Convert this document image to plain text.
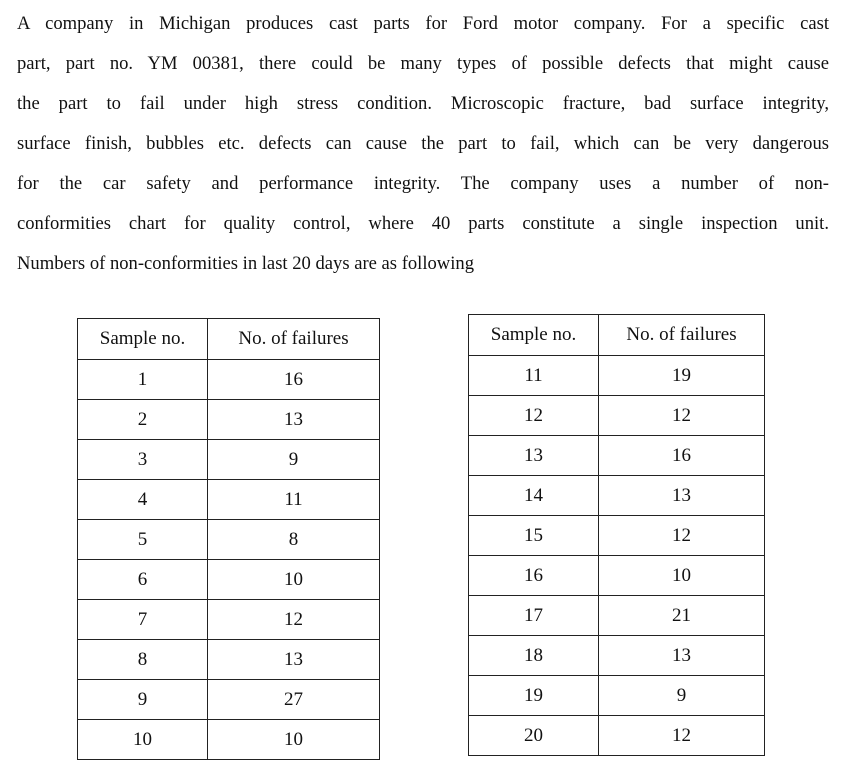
A company in Michigan produces cast parts for Ford motor company. For a specific cast
part, part no. YM 00381, there could be many types of possible defects that might cause
the part to fail under high stress condition. Microscopic fracture, bad surface integrity,
surface finish, bubbles etc. defects can cause the part to fail, which can be very dangerous
for the car safety and performance integrity. The company uses a number of non-
conformities chart for quality control, where 40 parts constitute a single inspection unit.
Numbers of non-conformities in last 20 days are as following

Sample no.	No. of failures
1	16
2	13
3	9
4	11
5	8
6	10
7	12
8	13
9	27
10	10
Sample no.	No. of failures
11	19
12	12
13	16
14	13
15	12
16	10
17	21
18	13
19	9
20	12
